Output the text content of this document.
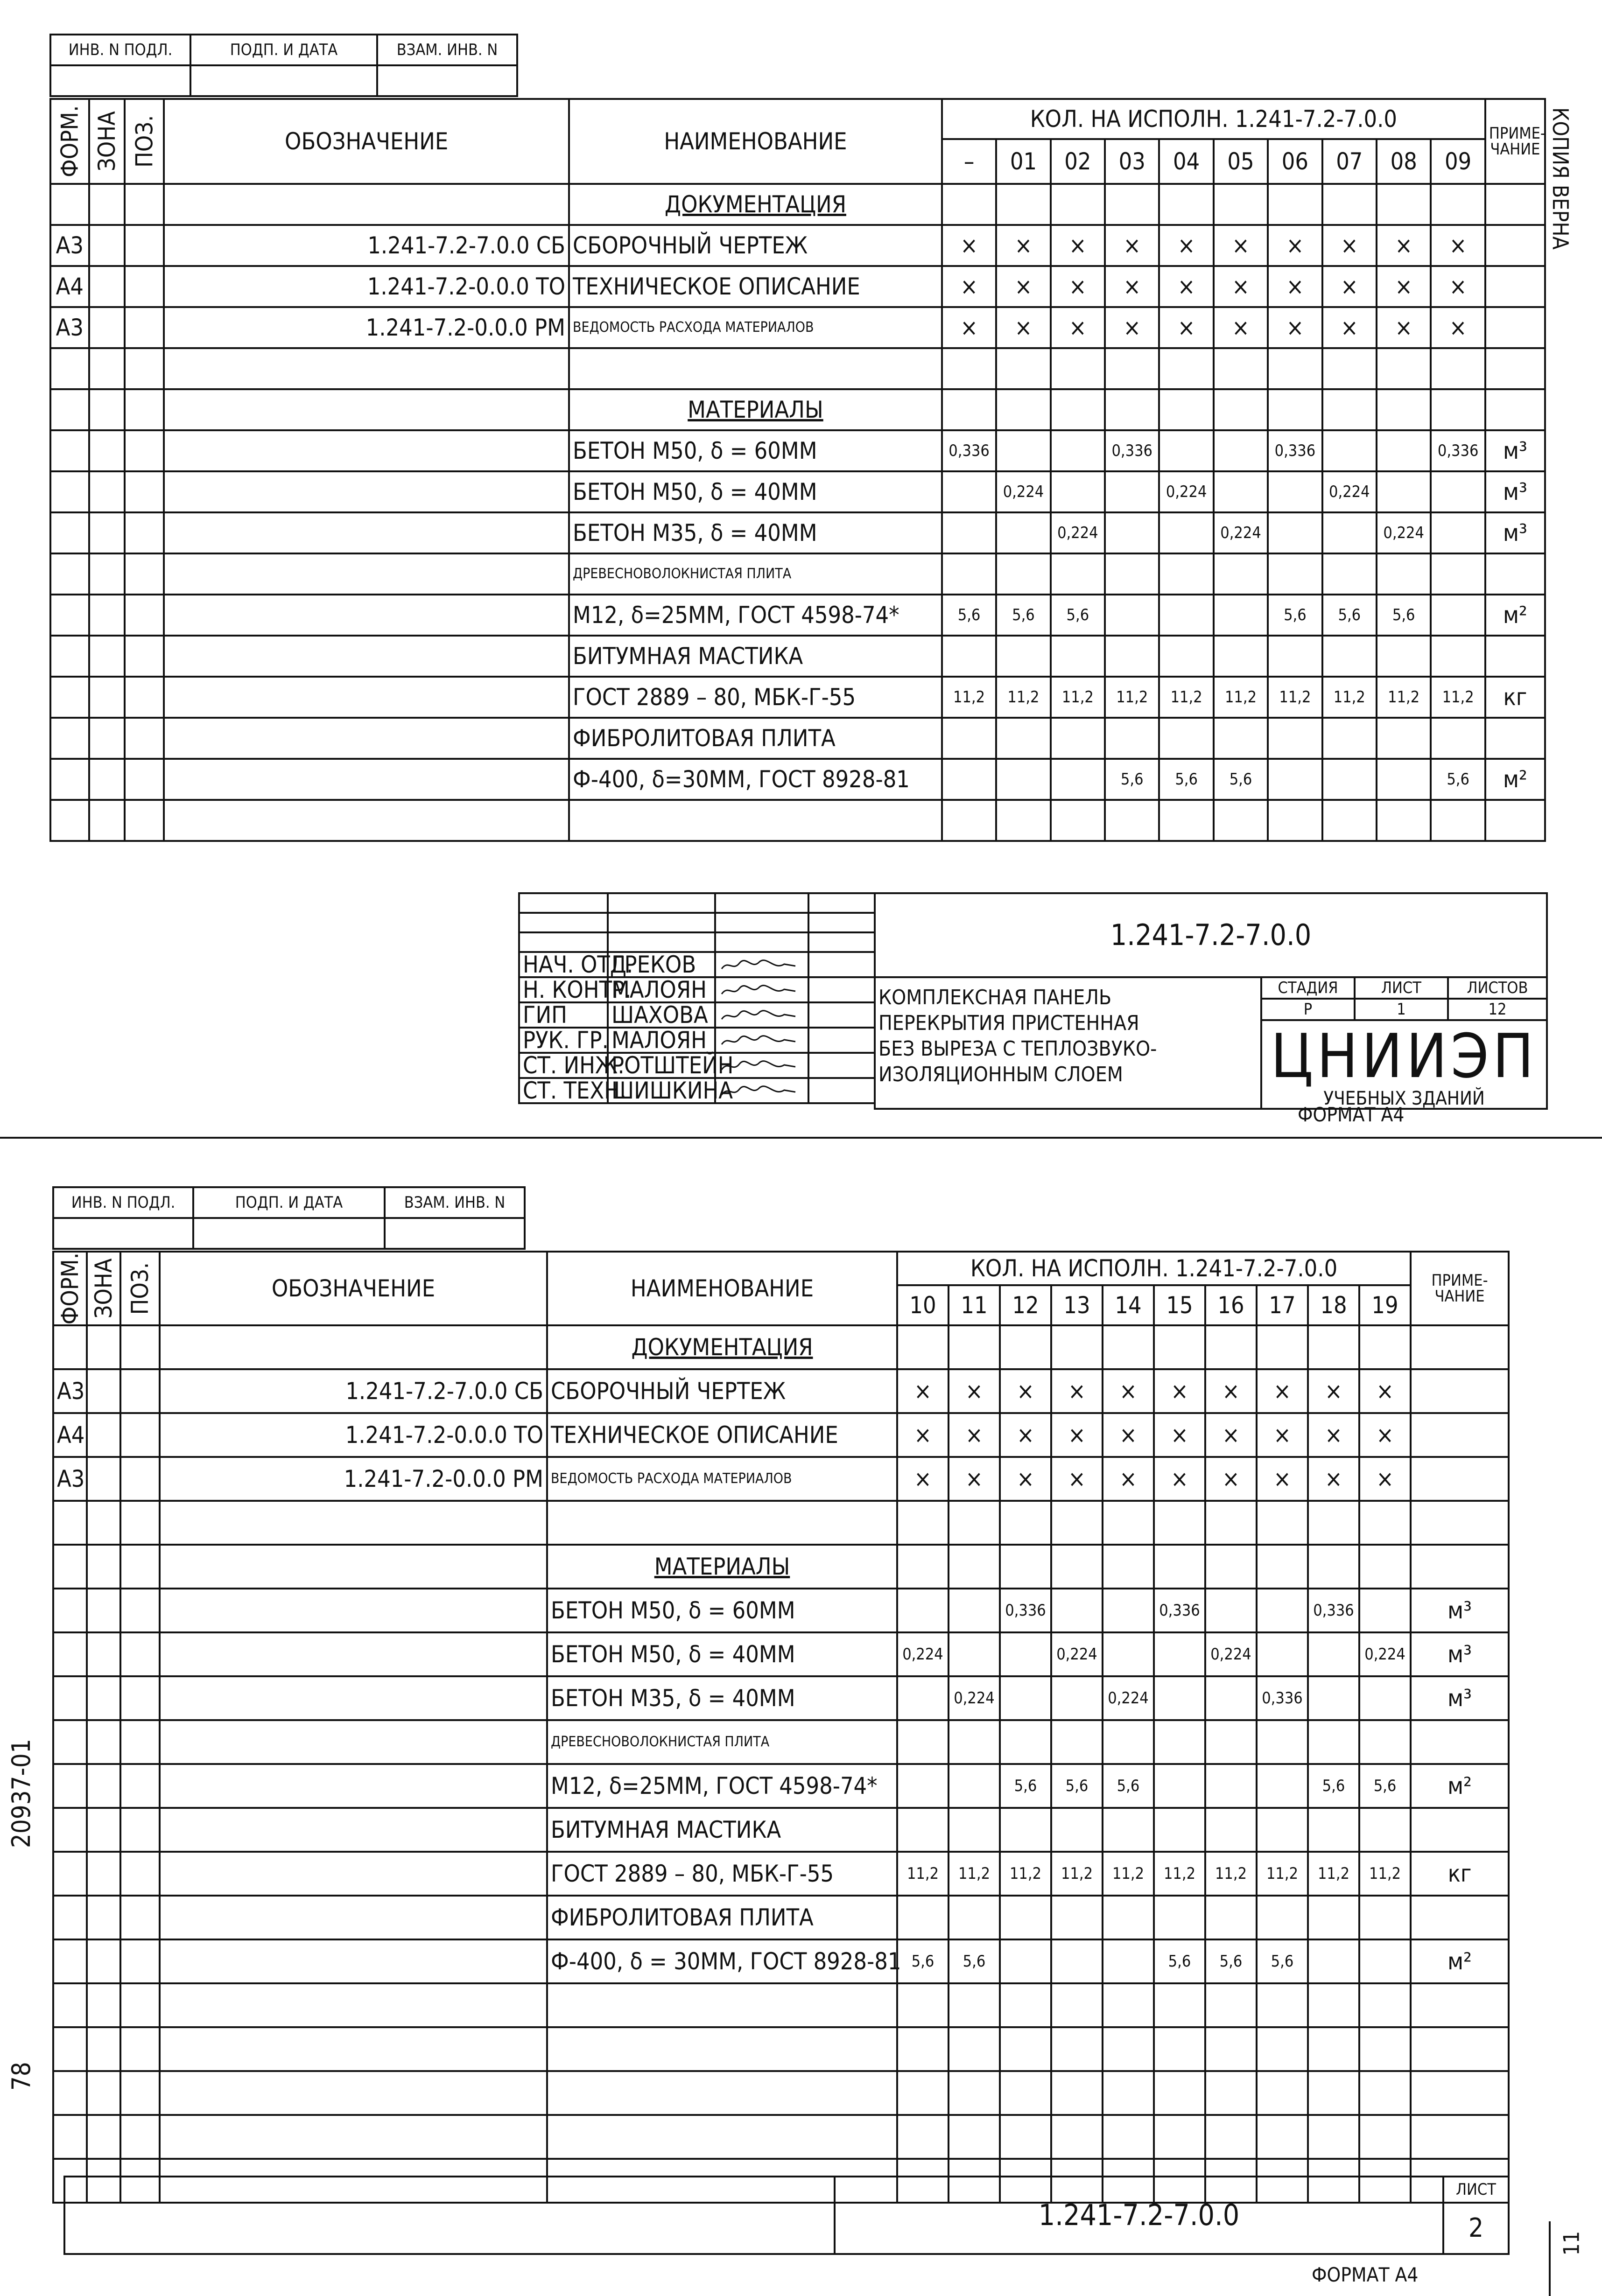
ИНВ. N ПОДЛ.	ПОДП. И ДАТА	ВЗАМ. ИНВ. N

ФОРМ.	ЗОНА	ПОЗ.	ОБОЗНАЧЕНИЕ	НАИМЕНОВАНИЕ	КОЛ. НА ИСПОЛН. 1.241-7.2-7.0.0										ПРИМЕ-ЧАНИЕ
					–	01	02	03	04	05	06	07	08	09	
				ДОКУМЕНТАЦИЯ											
А3			1.241-7.2-7.0.0 СБ	СБОРОЧНЫЙ ЧЕРТЕЖ	×	×	×	×	×	×	×	×	×	×	
А4			1.241-7.2-0.0.0 ТО	ТЕХНИЧЕСКОЕ ОПИСАНИЕ	×	×	×	×	×	×	×	×	×	×	
А3			1.241-7.2-0.0.0 РМ	ВЕДОМОСТЬ РАСХОДА МАТЕРИАЛОВ	×	×	×	×	×	×	×	×	×	×	

				МАТЕРИАЛЫ											
				БЕТОН М50, δ = 60ММ	0,336			0,336			0,336			0,336	м³
				БЕТОН М50, δ = 40ММ		0,224			0,224			0,224			м³
				БЕТОН М35, δ = 40ММ			0,224			0,224			0,224		м³
				ДРЕВЕСНОВОЛОКНИСТАЯ ПЛИТА											
				М12, δ=25ММ, ГОСТ 4598-74*	5,6	5,6	5,6				5,6	5,6	5,6		м²
				БИТУМНАЯ МАСТИКА											
				ГОСТ 2889 – 80, МБК-Г-55	11,2	11,2	11,2	11,2	11,2	11,2	11,2	11,2	11,2	11,2	кг
				ФИБРОЛИТОВАЯ ПЛИТА											
				Ф-400, δ=30ММ, ГОСТ 8928-81				5,6	5,6	5,6				5,6	м²

КОПИЯ ВЕРНА

НАЧ. ОТД.	ГРЕКОВ		
Н. КОНТР.	МАЛОЯН		
ГИП	ШАХОВА		
РУК. ГР.	МАЛОЯН		
СТ. ИНЖ.	РОТШТЕЙН		
СТ. ТЕХН.	ШИШКИНА		
1.241-7.2-7.0.0			

КОМПЛЕКСНАЯ ПАНЕЛЬ
ПЕРЕКРЫТИЯ ПРИСТЕННАЯ
БЕЗ ВЫРЕЗА С ТЕПЛОЗВУКО-
ИЗОЛЯЦИОННЫМ СЛОЕМ	СТАДИЯ	ЛИСТ	ЛИСТОВ
	Р	1	12

	ЦНИИЭП
УЧЕБНЫХ ЗДАНИЙ		
ФОРМАТ А4
ИНВ. N ПОДЛ.	ПОДП. И ДАТА	ВЗАМ. ИНВ. N

ФОРМ.	ЗОНА	ПОЗ.	ОБОЗНАЧЕНИЕ	НАИМЕНОВАНИЕ	КОЛ. НА ИСПОЛН. 1.241-7.2-7.0.0										ПРИМЕ-ЧАНИЕ
					10	11	12	13	14	15	16	17	18	19	
				ДОКУМЕНТАЦИЯ											
А3			1.241-7.2-7.0.0 СБ	СБОРОЧНЫЙ ЧЕРТЕЖ	×	×	×	×	×	×	×	×	×	×	
А4			1.241-7.2-0.0.0 ТО	ТЕХНИЧЕСКОЕ ОПИСАНИЕ	×	×	×	×	×	×	×	×	×	×	
А3			1.241-7.2-0.0.0 РМ	ВЕДОМОСТЬ РАСХОДА МАТЕРИАЛОВ	×	×	×	×	×	×	×	×	×	×	

				МАТЕРИАЛЫ											
				БЕТОН М50, δ = 60ММ			0,336			0,336			0,336		м³
				БЕТОН М50, δ = 40ММ	0,224			0,224			0,224			0,224	м³
				БЕТОН М35, δ = 40ММ		0,224			0,224			0,336			м³
				ДРЕВЕСНОВОЛОКНИСТАЯ ПЛИТА											
				М12, δ=25ММ, ГОСТ 4598-74*			5,6	5,6	5,6				5,6	5,6	м²
				БИТУМНАЯ МАСТИКА											
				ГОСТ 2889 – 80, МБК-Г-55	11,2	11,2	11,2	11,2	11,2	11,2	11,2	11,2	11,2	11,2	кг
				ФИБРОЛИТОВАЯ ПЛИТА											
				Ф-400, δ = 30ММ, ГОСТ 8928-81	5,6	5,6				5,6	5,6	5,6			м²

	1.241-7.2-7.0.0	ЛИСТ
2
ФОРМАТ А4
20937-01
78
11
